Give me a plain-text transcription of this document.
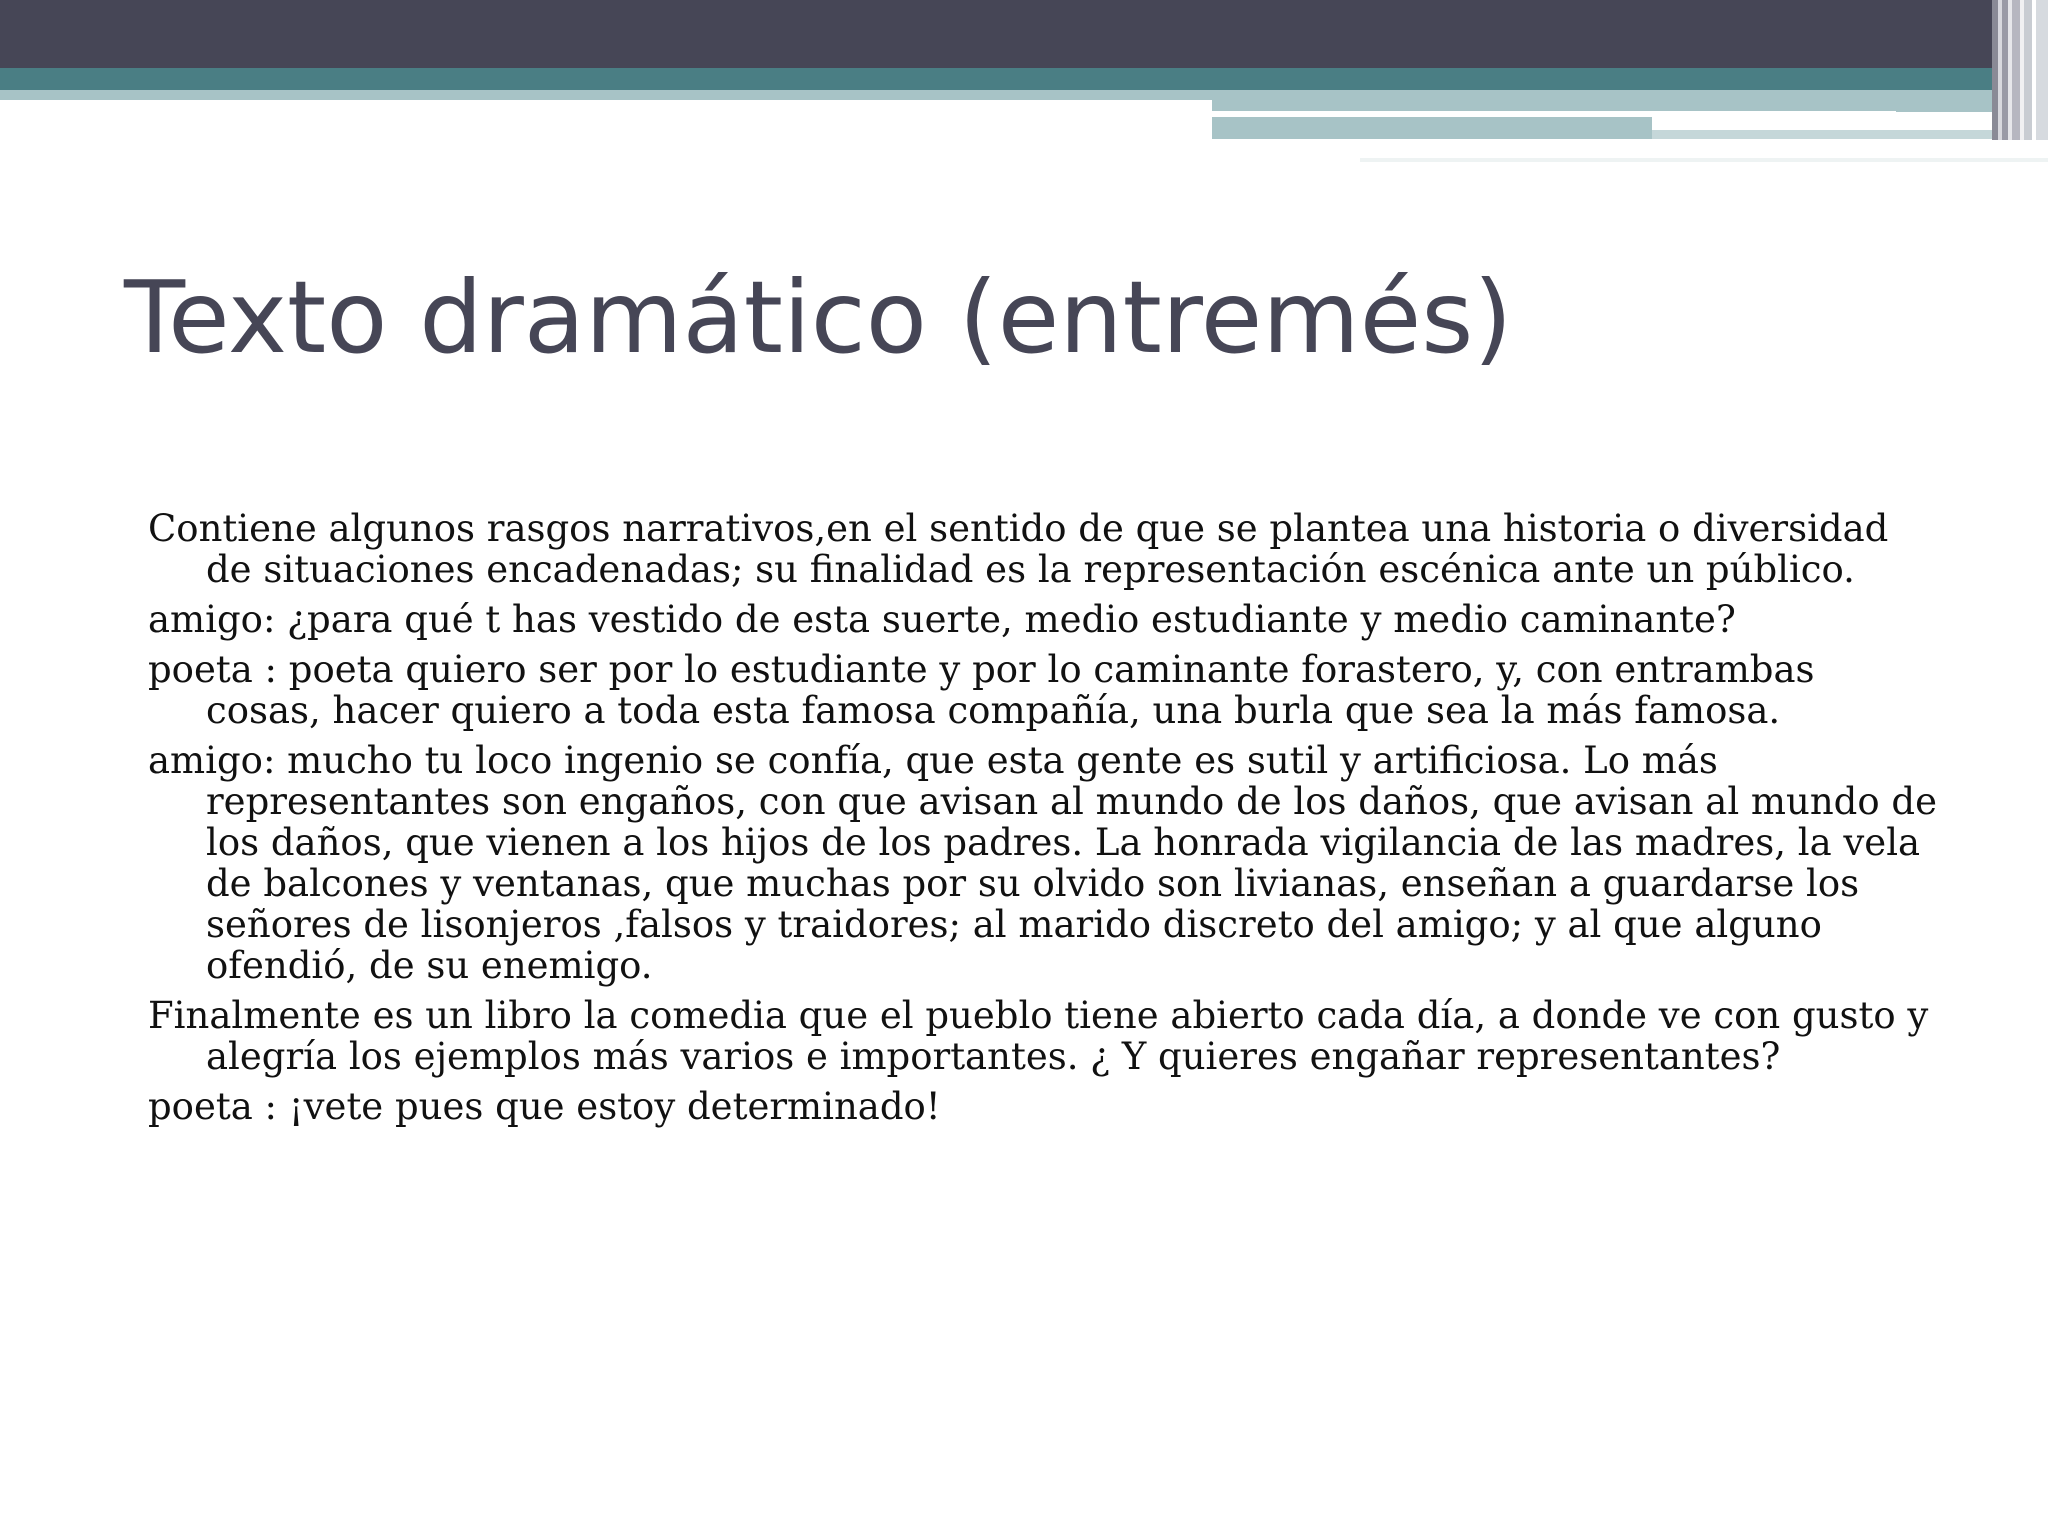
Texto dramático (entremés)

Contiene algunos rasgos narrativos,en el sentido de que se plantea una historia o diversidad de situaciones encadenadas; su finalidad es la representación escénica ante un público.

amigo: ¿para qué t has vestido de esta suerte, medio estudiante y medio caminante?

poeta : poeta quiero ser por lo estudiante y por lo caminante forastero, y, con entrambas cosas, hacer quiero a toda esta famosa compañía, una burla que sea la más famosa.

amigo: mucho tu loco ingenio se confía, que esta gente es sutil y artificiosa. Lo más representantes son engaños, con que avisan al mundo de los daños, que avisan al mundo de los daños, que vienen a los hijos de los padres. La honrada vigilancia de las madres, la vela de balcones y ventanas, que muchas por su olvido son livianas, enseñan a guardarse los señores de lisonjeros ,falsos y traidores; al marido discreto del amigo; y al que alguno ofendió, de su enemigo.

Finalmente es un libro la comedia que el pueblo tiene abierto cada día, a donde ve con gusto y alegría los ejemplos más varios e importantes. ¿ Y quieres engañar representantes?

poeta : ¡vete pues que estoy determinado!
